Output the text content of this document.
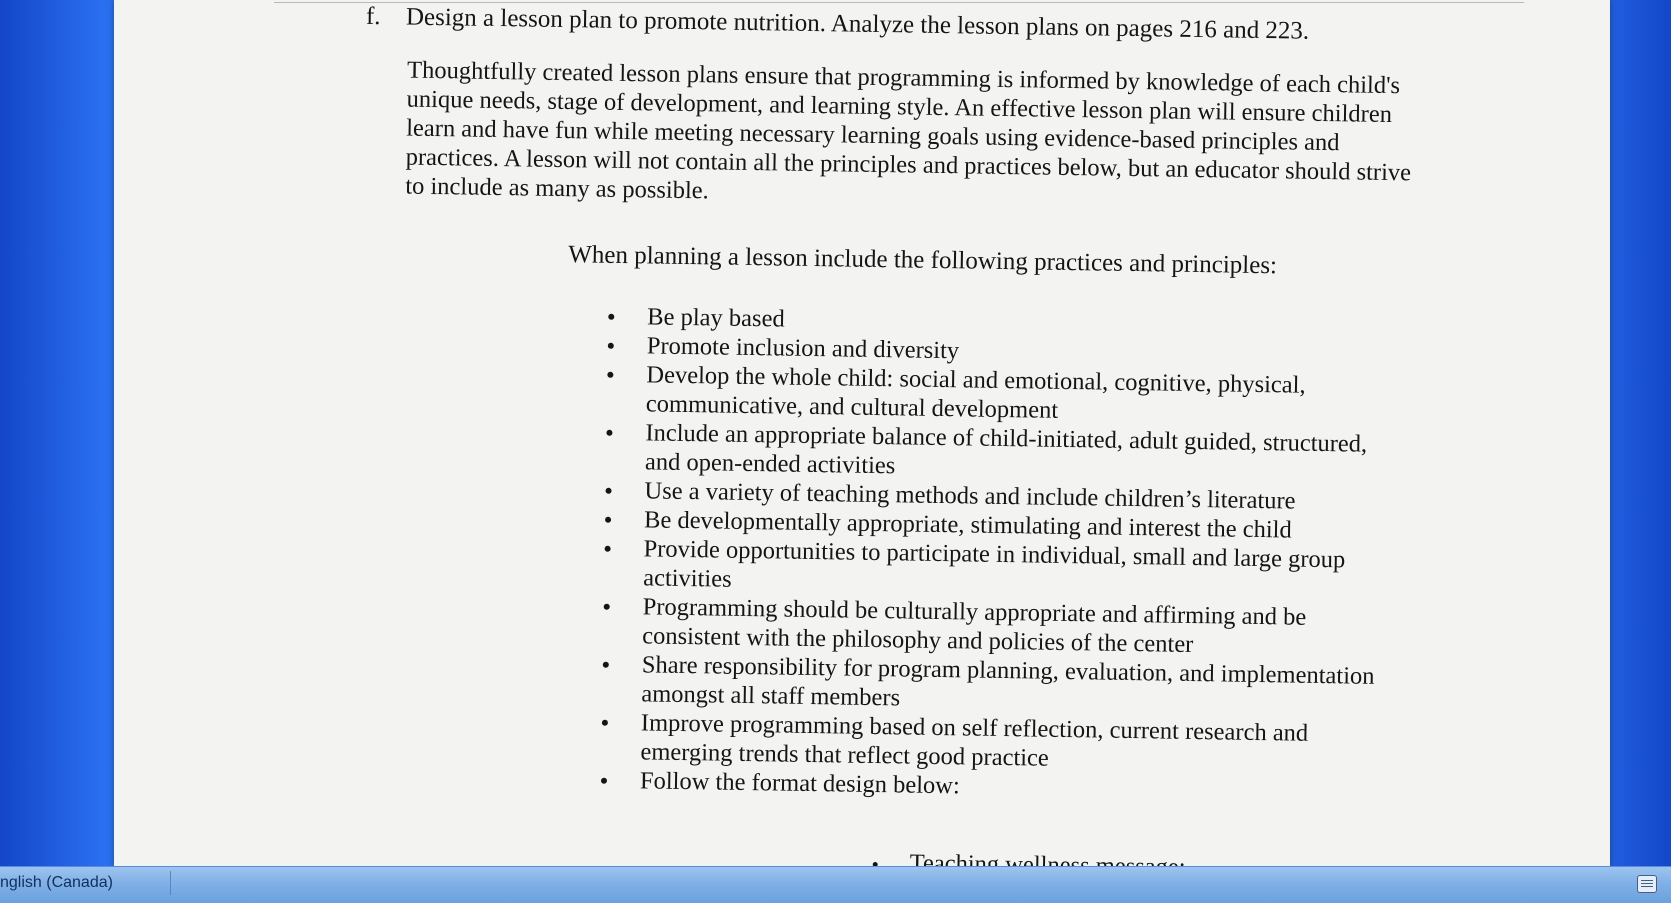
f. Design a lesson plan to promote nutrition. Analyze the lesson plans on pages 216 and 223.
Thoughtfully created lesson plans ensure that programming is informed by knowledge of each child's unique needs, stage of development, and learning style. An effective lesson plan will ensure children learn and have fun while meeting necessary learning goals using evidence-based principles and practices. A lesson will not contain all the principles and practices below, but an educator should strive to include as many as possible.
When planning a lesson include the following practices and principles:
Be play based
Promote inclusion and diversity
Develop the whole child: social and emotional, cognitive, physical, communicative, and cultural development
Include an appropriate balance of child-initiated, adult guided, structured, and open-ended activities
Use a variety of teaching methods and include children’s literature
Be developmentally appropriate, stimulating and interest the child
Provide opportunities to participate in individual, small and large group activities
Programming should be culturally appropriate and affirming and be consistent with the philosophy and policies of the center
Share responsibility for program planning, evaluation, and implementation amongst all staff members
Improve programming based on self reflection, current research and emerging trends that reflect good practice
Follow the format design below:
nglish (Canada)
